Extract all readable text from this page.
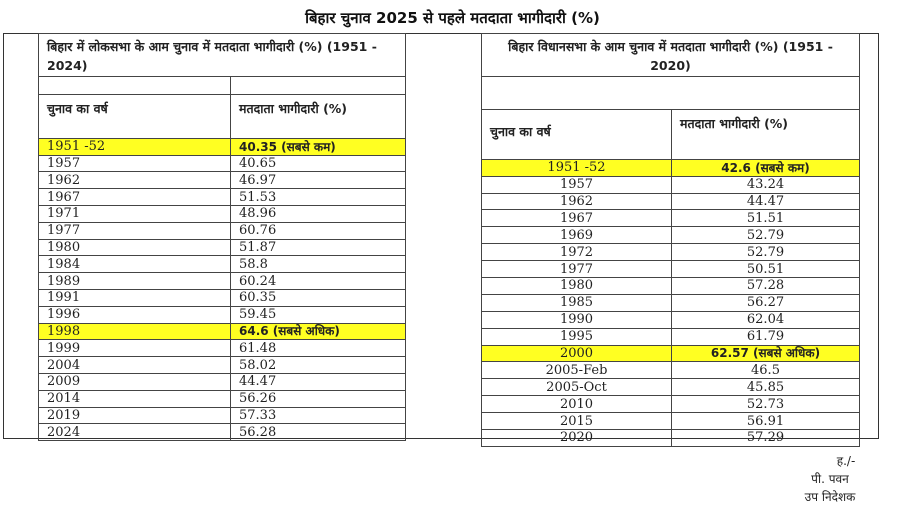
बिहार चुनाव 2025 से पहले मतदाता भागीदारी (%)
बिहार में लोकसभा के आम चुनाव में मतदाता भागीदारी (%) (1951 - 2024)	

चुनाव का वर्ष	मतदाता भागीदारी (%)
1951 -52	40.35 (सबसे कम)
1957	40.65
1962	46.97
1967	51.53
1971	48.96
1977	60.76
1980	51.87
1984	58.8
1989	60.24
1991	60.35
1996	59.45
1998	64.6 (सबसे अधिक)
1999	61.48
2004	58.02
2009	44.47
2014	56.26
2019	57.33
2024	56.28
बिहार विधानसभा के आम चुनाव में मतदाता भागीदारी (%) (1951 - 2020)	

चुनाव का वर्ष	मतदाता भागीदारी (%)
1951 -52	42.6 (सबसे कम)
1957	43.24
1962	44.47
1967	51.51
1969	52.79
1972	52.79
1977	50.51
1980	57.28
1985	56.27
1990	62.04
1995	61.79
2000	62.57 (सबसे अधिक)
2005-Feb	46.5
2005-Oct	45.85
2010	52.73
2015	56.91
2020	57.29
ह./-
पी. पवन
उप निदेशक
